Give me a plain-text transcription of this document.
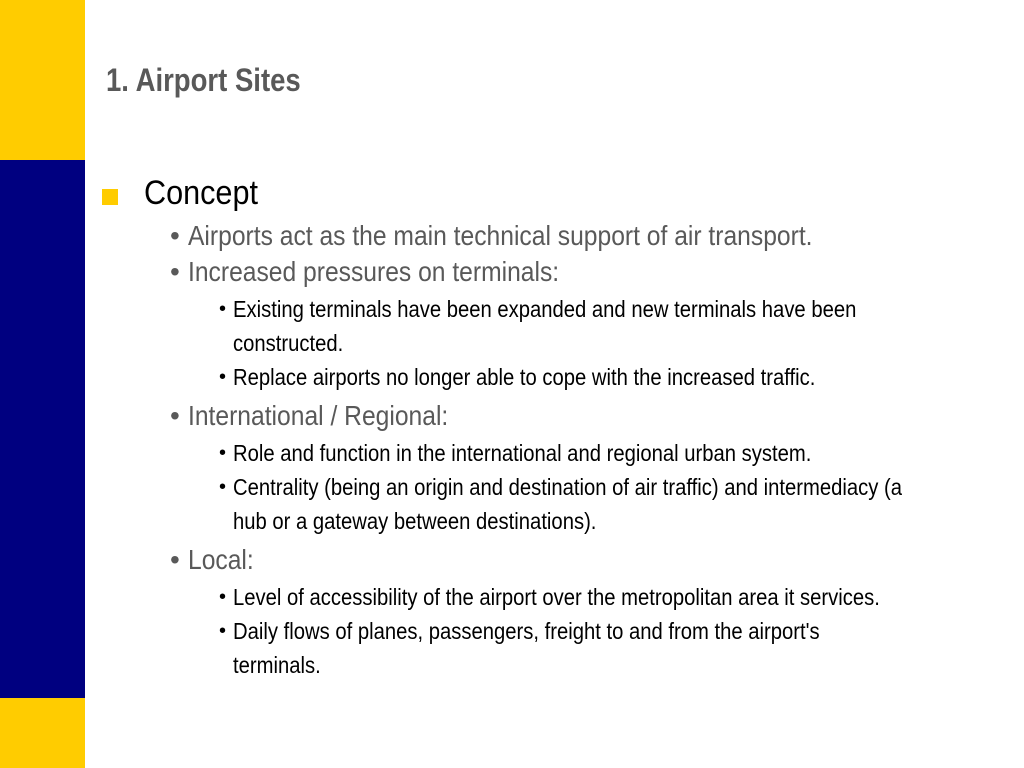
1. Airport Sites
Concept
• Airports act as the main technical support of air transport.
• Increased pressures on terminals:
• Existing terminals have been expanded and new terminals have been constructed.
• Replace airports no longer able to cope with the increased traffic.
• International / Regional:
• Role and function in the international and regional urban system.
• Centrality (being an origin and destination of air traffic) and intermediacy (a hub or a gateway between destinations).
• Local:
• Level of accessibility of the airport over the metropolitan area it services.
• Daily flows of planes, passengers, freight to and from the airport's terminals.
